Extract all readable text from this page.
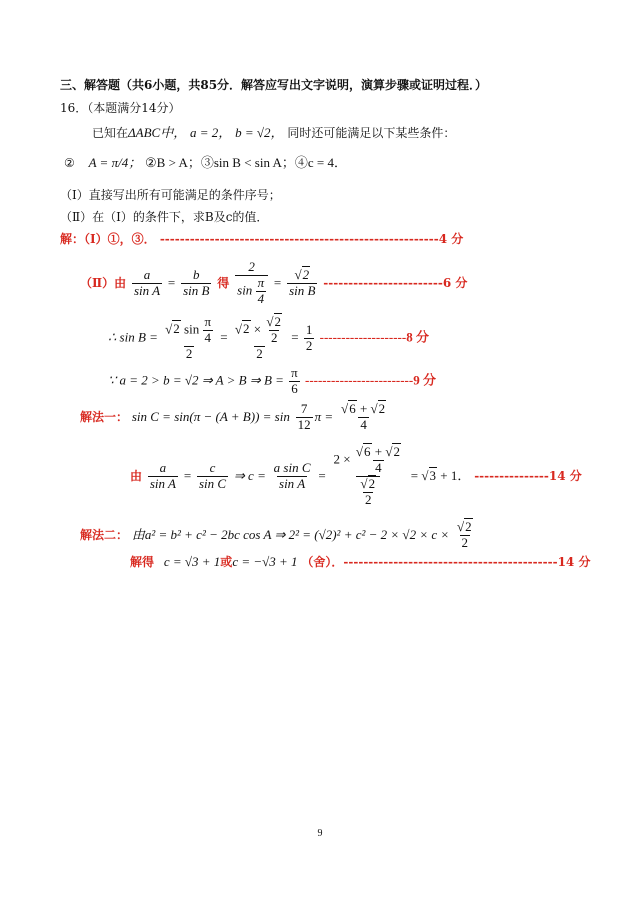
三、解答题（共6小题，共85分．解答应写出文字说明，演算步骤或证明过程．）
16．（本题满分14分）
已知在ΔABC中， a = 2， b = √2， 同时还可能满足以下某些条件：
② A = π/4； ②B > A；③sin B < sin A；④c = 4．
（Ⅰ）直接写出所有可能满足的条件序号；
（Ⅱ）在（Ⅰ）的条件下，求B及c的值．
解：（Ⅰ）①，③． --------------------------------------------------------4 分
（Ⅱ）由 $\frac{a}{\text{sin A}} = \frac{b}{\text{sin B}}$ 得 $\frac{2}{\sin \frac{\pi}{4}} = \frac{√2}{\text{sin B}} ------------------------6$ 分
∴ $\sin B = \frac{√2 \sin \frac{\pi}{4}}{2} = \frac{√2 \times \frac{√2}{2}}{2} = \frac{1}{2} --------------------8$ 分
∵ a = 2 > b = √2 ⇒ A > B ⇒ $B = \frac{\pi}{6} -------------------------9$ 分
解法一： $\sin C = \sin(\pi - (A + B)) = \sin \frac{7}{12}$ $\pi = \frac{√6 + √2}{4}$
由 $\frac{a}{\text{sin A}} = \frac{c}{\text{sin C}}$ ⇒ $c = \frac{\text{a sin C}}{\text{sin A}} = \frac{2 \times \frac{√6 + √2}{4}}{\frac{√2}{2}} = √3 + 1$． ---------------14 分
解法二： 由a² = b² + c² − 2bc cos A ⇒ $2^2 = (√2)^2 + c^2 - 2 \times √2 \times c \times \frac{√2}{2}$
解得 c = √3 + 1或c = −√3 + 1 （舍）．-------------------------------------------14 分
9
